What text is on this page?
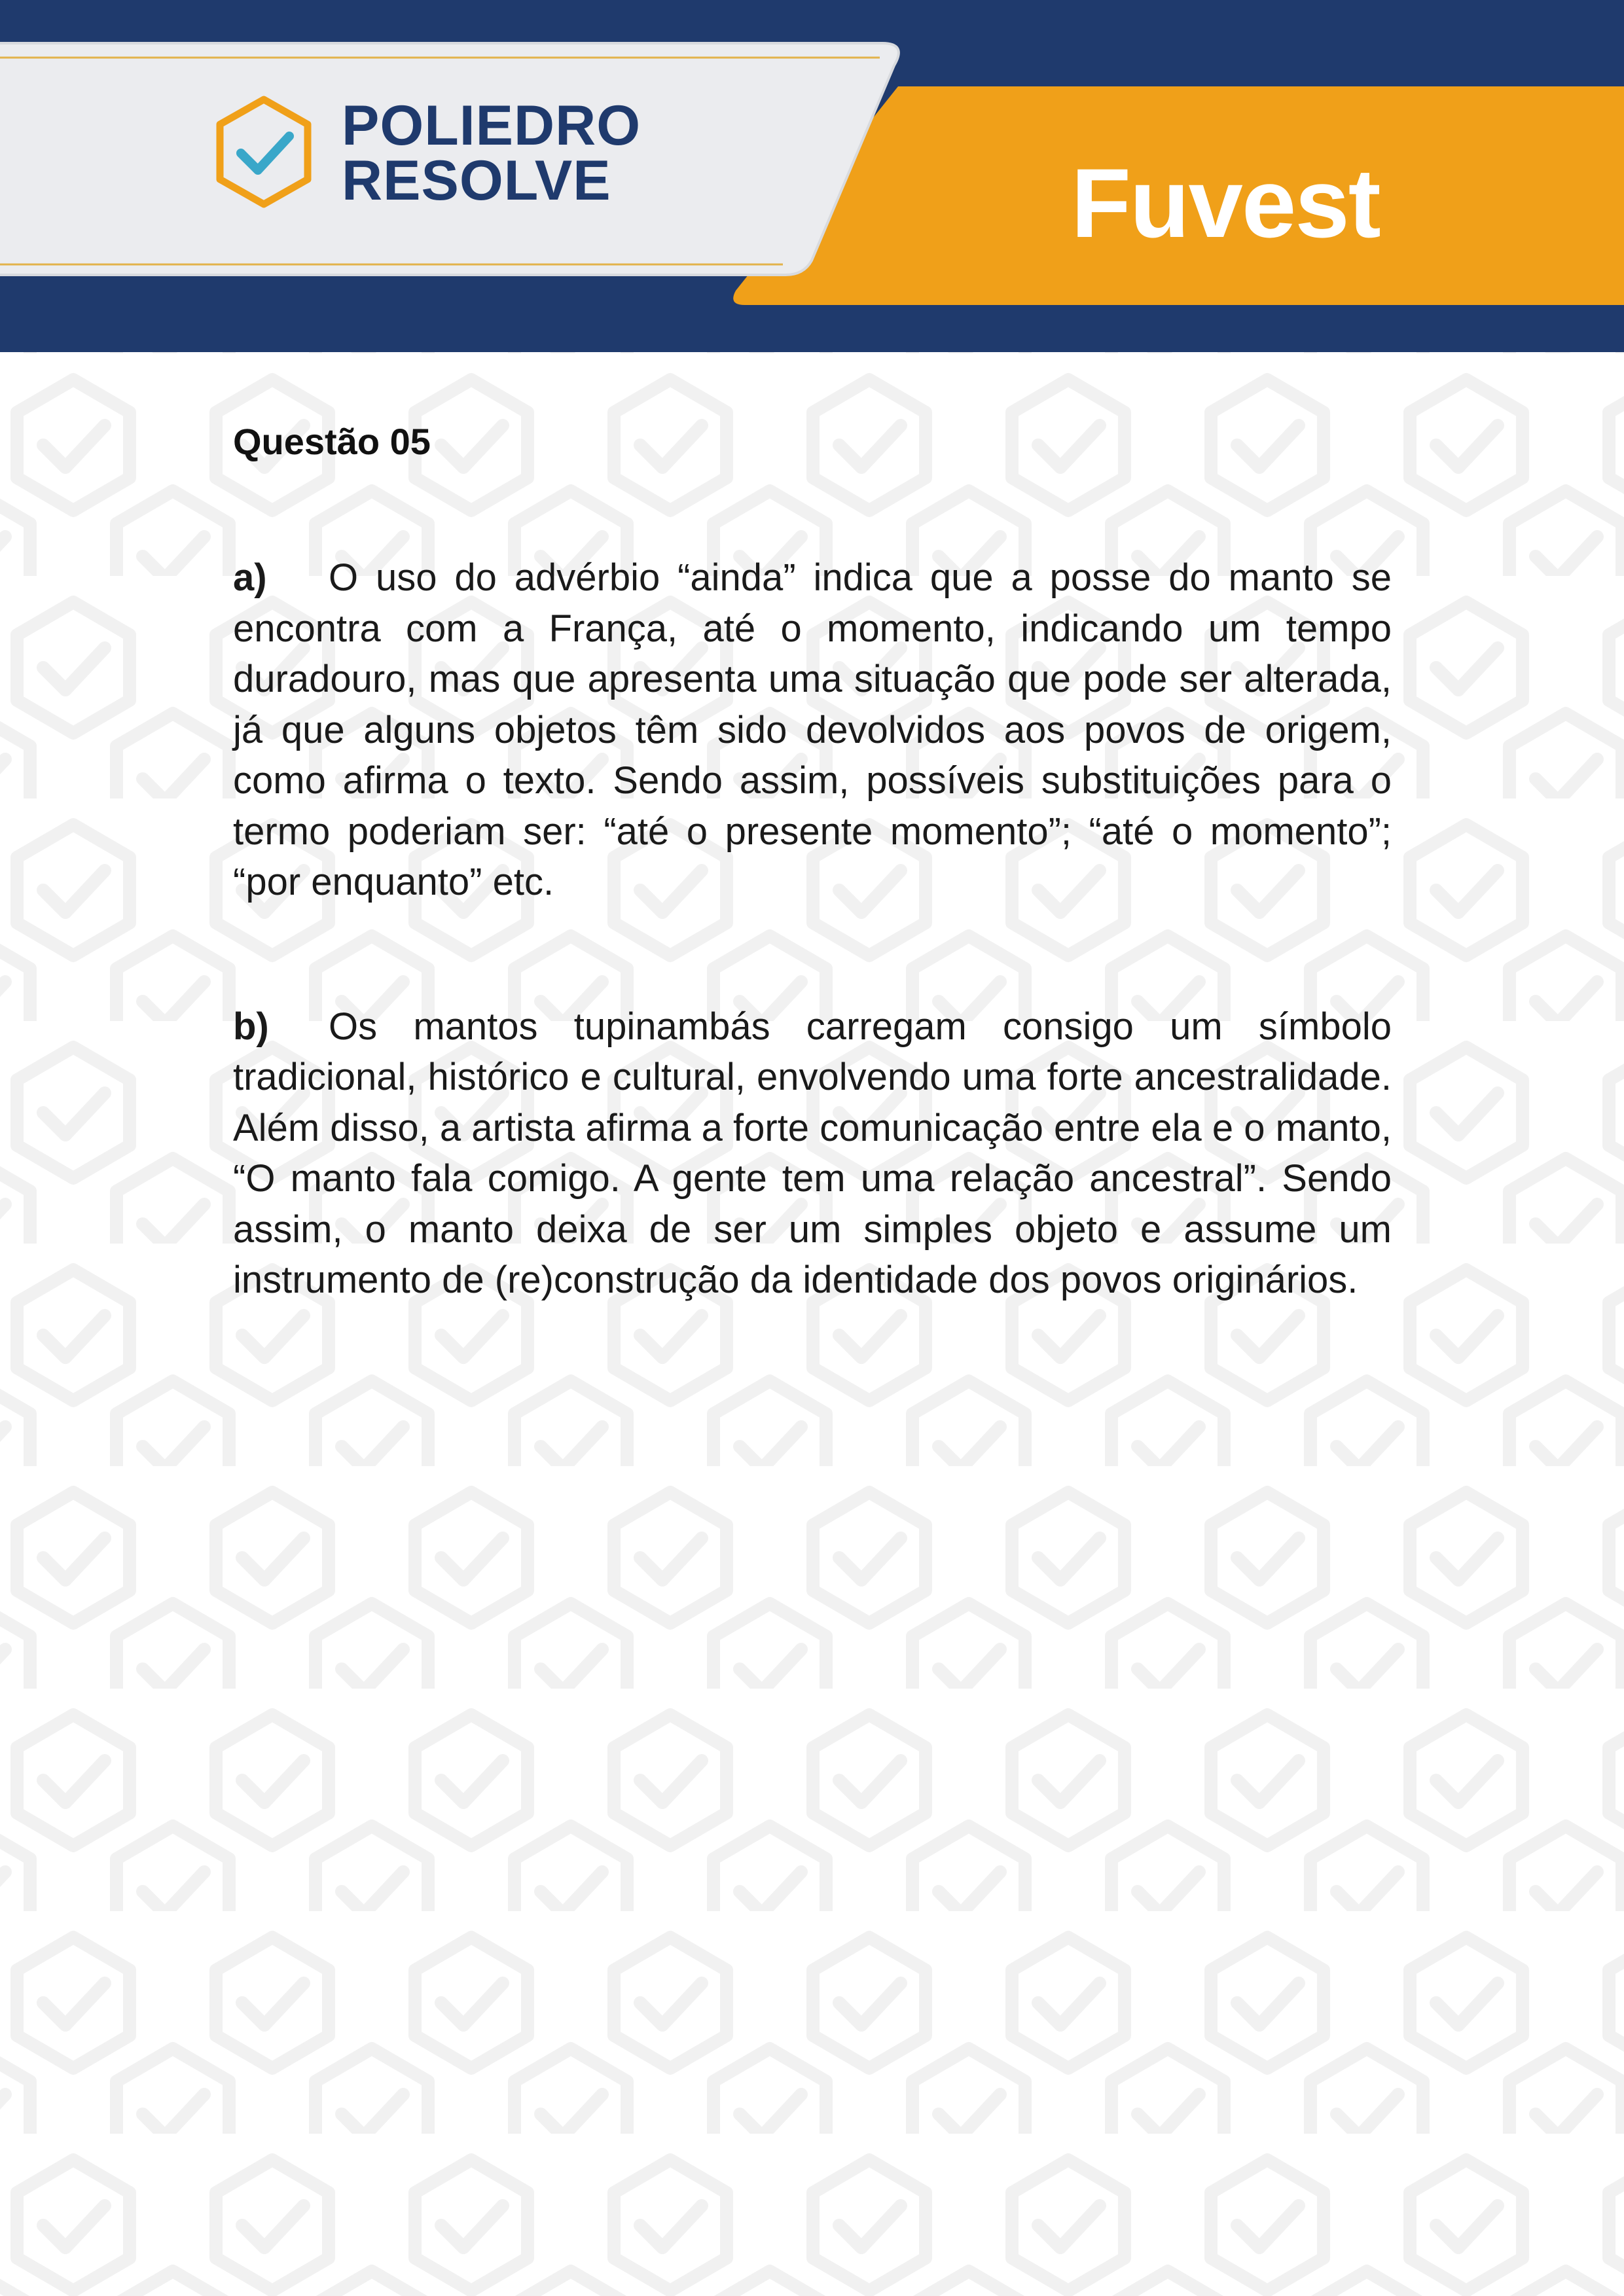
POLIEDRO
RESOLVE	Fuvest
Questão 05
a) O uso do advérbio “ainda” indica que a posse do manto se encontra com a França, até o momento, indicando um tempo duradouro, mas que apresenta uma situação que pode ser alterada, já que alguns objetos têm sido devolvidos aos povos de origem, como afirma o texto. Sendo assim, possíveis substituições para o termo poderiam ser: “até o presente momento”; “até o momento”; “por enquanto” etc.
b) Os mantos tupinambás carregam consigo um símbolo tradicional, histórico e cultural, envolvendo uma forte ancestralidade. Além disso, a artista afirma a forte comunicação entre ela e o manto, “O manto fala comigo. A gente tem uma relação ancestral”. Sendo assim, o manto deixa de ser um simples objeto e assume um instrumento de (re)construção da identidade dos povos originários.
